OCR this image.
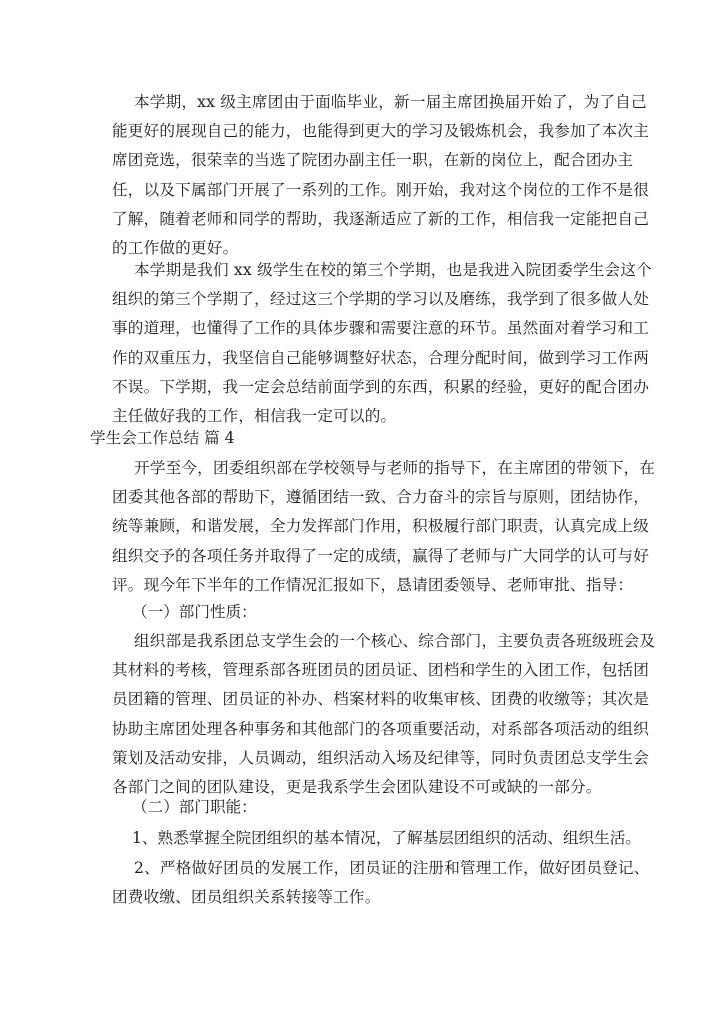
本学期，xx 级主席团由于面临毕业，新一届主席团换届开始了，为了自己
能更好的展现自己的能力，也能得到更大的学习及锻炼机会，我参加了本次主
席团竞选，很荣幸的当选了院团办副主任一职，在新的岗位上，配合团办主
任，以及下属部门开展了一系列的工作。刚开始，我对这个岗位的工作不是很
了解，随着老师和同学的帮助，我逐渐适应了新的工作，相信我一定能把自己
的工作做的更好。
本学期是我们 xx 级学生在校的第三个学期，也是我进入院团委学生会这个
组织的第三个学期了，经过这三个学期的学习以及磨练，我学到了很多做人处
事的道理，也懂得了工作的具体步骤和需要注意的环节。虽然面对着学习和工
作的双重压力，我坚信自己能够调整好状态，合理分配时间，做到学习工作两
不误。下学期，我一定会总结前面学到的东西，积累的经验，更好的配合团办
主任做好我的工作，相信我一定可以的。
学生会工作总结 篇 4
开学至今，团委组织部在学校领导与老师的指导下，在主席团的带领下，在
团委其他各部的帮助下，遵循团结一致、合力奋斗的宗旨与原则，团结协作，
统等兼顾，和谐发展，全力发挥部门作用，积极履行部门职责，认真完成上级
组织交予的各项任务并取得了一定的成绩，赢得了老师与广大同学的认可与好
评。现今年下半年的工作情况汇报如下，恳请团委领导、老师审批、指导：
（一）部门性质：
组织部是我系团总支学生会的一个核心、综合部门，主要负责各班级班会及
其材料的考核，管理系部各班团员的团员证、团档和学生的入团工作，包括团
员团籍的管理、团员证的补办、档案材料的收集审核、团费的收缴等；其次是
协助主席团处理各种事务和其他部门的各项重要活动，对系部各项活动的组织
策划及活动安排，人员调动，组织活动入场及纪律等，同时负责团总支学生会
各部门之间的团队建设，更是我系学生会团队建设不可或缺的一部分。
（二）部门职能：
1、熟悉掌握全院团组织的基本情况，了解基层团组织的活动、组织生活。
2、严格做好团员的发展工作，团员证的注册和管理工作，做好团员登记、
团费收缴、团员组织关系转接等工作。
